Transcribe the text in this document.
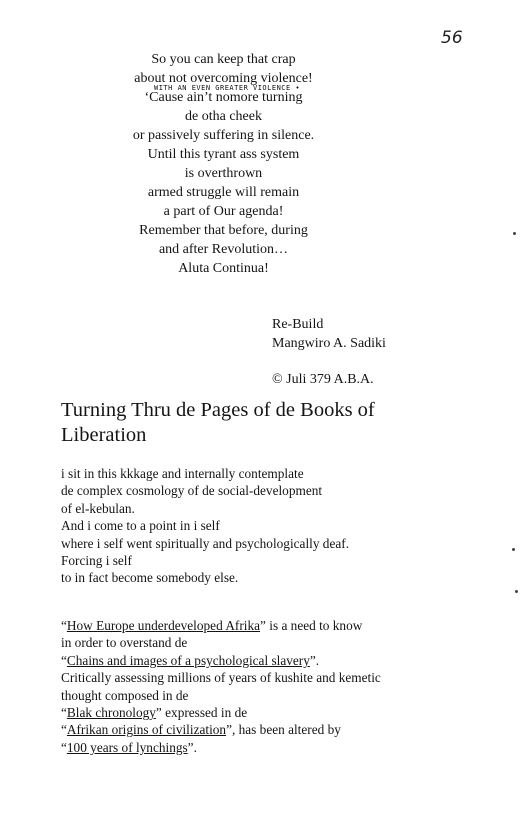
56
So you can keep that crap
about not overcoming violence!
‘Cause ain’t nomore turning
de otha cheek
or passively suffering in silence.
Until this tyrant ass system
is overthrown
armed struggle will remain
a part of Our agenda!
Remember that before, during
and after Revolution…
Aluta Continua!
WITH AN EVEN GREATER VIOLENCE •
Re-Build
Mangwiro A. Sadiki
© Juli 379 A.B.A.
Turning Thru de Pages of de Books of Liberation
i sit in this kkkage and internally contemplate
de complex cosmology of de social-development
of el-kebulan.
And i come to a point in i self
where i self went spiritually and psychologically deaf.
Forcing i self
to in fact become somebody else.
“How Europe underdeveloped Afrika” is a need to know
in order to overstand de
“Chains and images of a psychological slavery”.
Critically assessing millions of years of kushite and kemetic
thought composed in de
“Blak chronology” expressed in de
“Afrikan origins of civilization”, has been altered by
“100 years of lynchings”.
